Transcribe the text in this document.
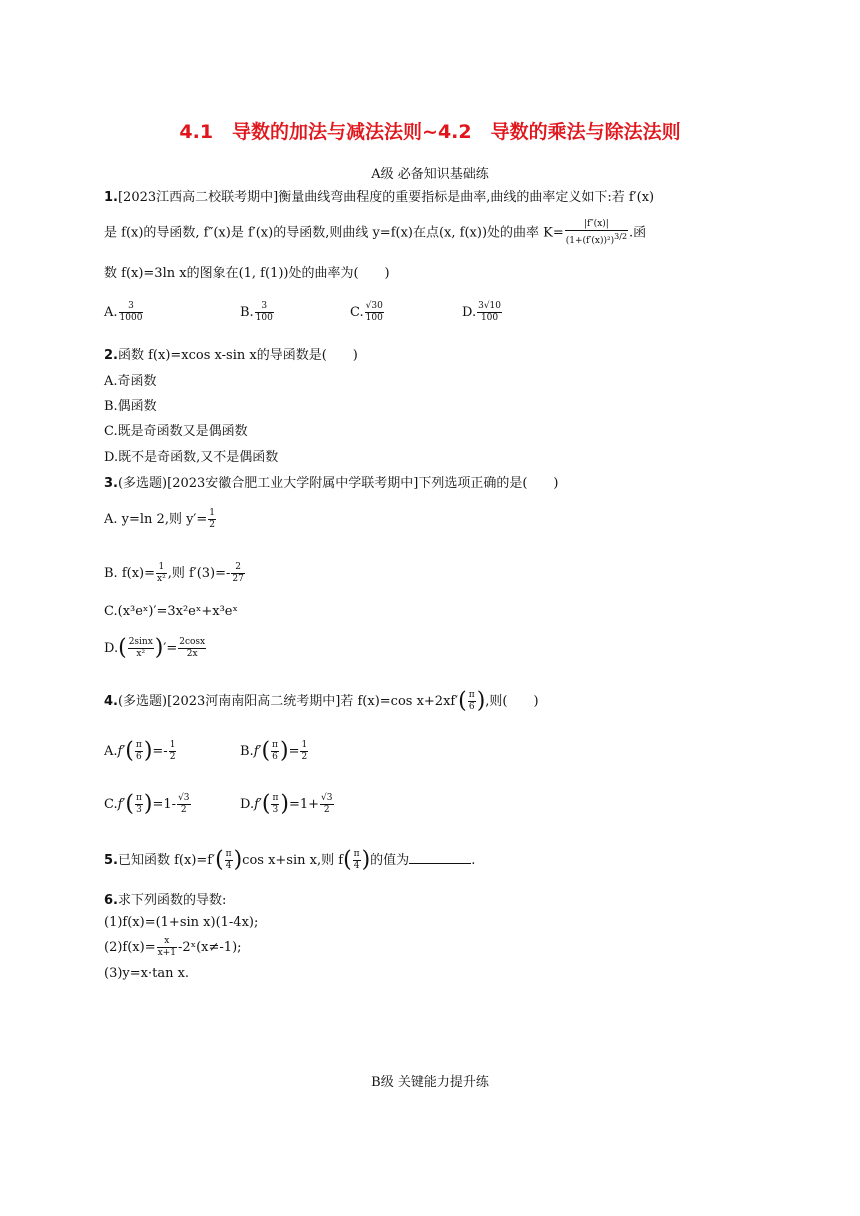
4.1　导数的加法与减法法则~4.2　导数的乘法与除法法则
A级 必备知识基础练
1.[2023江西高二校联考期中]衡量曲线弯曲程度的重要指标是曲率,曲线的曲率定义如下:若 f′(x)
是 f(x)的导函数, f″(x)是 f′(x)的导函数,则曲线 y=f(x)在点(x, f(x))处的曲率 $K= \frac{|f''(x)|}{(1+(f'(x))^2)^{3/2}}$ .函
数 f(x)=3ln x的图象在(1, f(1))处的曲率为(　　)
A. $\frac{3}{1000}$	B. $\frac{3}{100}$	C. $\frac{√30}{100}$	D. $\frac{3√10}{100}$
2.函数 f(x)=xcos x-sin x的导函数是(　　)
A.奇函数
B.偶函数
C.既是奇函数又是偶函数
D.既不是奇函数,又不是偶函数
3.(多选题)[2023安徽合肥工业大学附属中学联考期中]下列选项正确的是(　　)
A. y=ln 2,则 $y'= \frac{1}{2}$
B. $f(x)= \frac{1}{\text{x²}}$ ,则 $f'(3)=- \frac{2}{27}$
C.(x³eˣ)′=3x²eˣ+x³eˣ
$D.( \frac{2\sin x}{\text{x²}}$ )′= $\frac{2\cos x}{2x}$
4.(多选题)[2023河南南阳高二统考期中]若 f(x)=cos $x+2xf'( \frac{\pi}{6}$ ),则(　　)
$A.f'( \frac{\pi}{6}$ )=- $\frac{1}{2}$	$B.f'( \frac{\pi}{6}$ )= $\frac{1}{2}$
$C.f'( \frac{\pi}{3} )=1- \frac{√3}{2}$	$D.f'( \frac{\pi}{3} )=1+ \frac{√3}{2}$
5.已知函数 $f(x)=f'( \frac{\pi}{4} )\cos$ x+sin x,则 $f( \frac{\pi}{4}$ )的值为	.
6.求下列函数的导数:
(1)f(x)=(1+sin x)(1-4x);
$(2)f(x)= \frac{x}{x+1}$ -2ˣ(x≠-1);
(3)y=x·tan x.
B级 关键能力提升练
